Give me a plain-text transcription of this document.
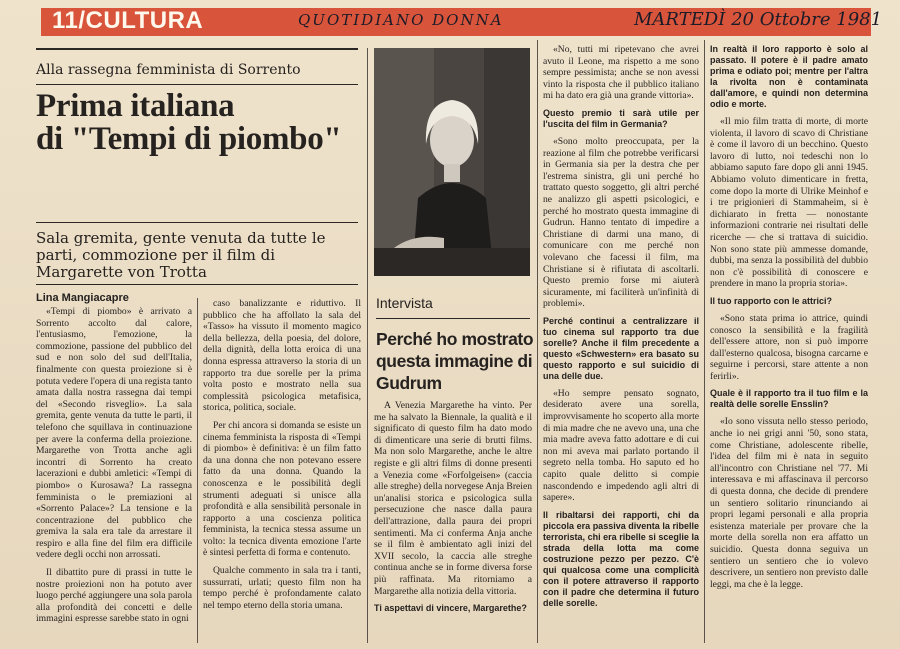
11/CULTURA	QUOTIDIANO DONNA	MARTEDÌ 20 Ottobre 1981
Alla rassegna femminista di Sorrento
Prima italiana
di "Tempi di piombo"
Sala gremita, gente venuta da tutte le parti, commozione per il film di Margarette von Trotta
Lina Mangiacapre

«Tempi di piombo» è arrivato a Sorrento accolto dal calore, l'entusiasmo, l'emozione, la commozione, passione del pubblico del sud e non solo del sud dell'Italia, finalmente con questa proiezione si è potuta vedere l'opera di una regista tanto amata dalla nostra rassegna dai tempi del «Secondo risveglio». La sala gremita, gente venuta da tutte le parti, il telefono che squillava in continuazione per avere la conferma della proiezione. Margarethe von Trotta anche agli incontri di Sorrento ha creato lacerazioni e dubbi amletici: «Tempi di piombo» o Kurosawa? La rassegna femminista o le premiazioni al «Sorrento Palace»? La tensione e la concentrazione del pubblico che gremiva la sala era tale da arrestare il respiro e alla fine del film era difficile vedere degli occhi non arrossati.

Il dibattito pure di prassi in tutte le nostre proiezioni non ha potuto aver luogo perché aggiungere una sola parola alla profondità dei concetti e delle immagini espresse sarebbe stato in ogni

caso banalizzante e riduttivo. Il pubblico che ha affollato la sala del «Tasso» ha vissuto il momento magico della bellezza, della poesia, del dolore, della dignità, della lotta eroica di una donna espressa attraverso la storia di un rapporto tra due sorelle per la prima volta posto e mostrato nella sua complessità psicologica metafisica, storica, politica, sociale.

Per chi ancora si domanda se esiste un cinema femminista la risposta di «Tempi di piombo» è definitiva: è un film fatto da una donna che non potevano essere fatto da una donna. Quando la conoscenza e le possibilità degli strumenti adeguati si unisce alla profondità e alla sensibilità personale in rapporto a una coscienza politica femminista, la tecnica stessa assume un volto: la tecnica diventa emozione l'arte è sintesi perfetta di forma e contenuto.

Qualche commento in sala tra i tanti, sussurrati, urlati; questo film non ha tempo perché è profondamente calato nel tempo eterno della storia umana.

Intervista
Perché ho mostrato questa immagine di Gudrum

A Venezia Margarethe ha vinto. Per me ha salvato la Biennale, la qualità e il significato di questo film ha dato modo di dimenticare una serie di brutti films. Ma non solo Margarethe, anche le altre registe e gli altri films di donne presenti a Venezia come «Forfolgeisen» (caccia alle streghe) della norvegese Anja Breien un'analisi storica e psicologica sulla persecuzione che nasce dalla paura dell'attrazione, dalla paura dei propri sentimenti. Ma ci conferma Anja anche se il film è ambientato agli inizi del XVII secolo, la caccia alle streghe continua anche se in forme diversa forse più raffinata. Ma ritorniamo a Margarethe alla notizia della vittoria.

Ti aspettavi di vincere, Margarethe?

«No, tutti mi ripetevano che avrei avuto il Leone, ma rispetto a me sono sempre pessimista; anche se non avessi vinto la risposta che il pubblico italiano mi ha dato era già una grande vittoria».

Questo premio ti sarà utile per l'uscita del film in Germania?

«Sono molto preoccupata, per la reazione al film che potrebbe verificarsi in Germania sia per la destra che per l'estrema sinistra, gli uni perché ho trattato questo soggetto, gli altri perché ne analizzo gli aspetti psicologici, e perché ho mostrato questa immagine di Gudrun. Hanno tentato di impedire a Christiane di darmi una mano, di comunicare con me perché non volevano che facessi il film, ma Christiane si è rifiutata di ascoltarli. Questo premio forse mi aiuterà sicuramente, mi faciliterà un'infinità di problemi».

Perché continui a centralizzare il tuo cinema sul rapporto tra due sorelle? Anche il film precedente a questo «Schwestern» era basato su questo rapporto e sul suicidio di una delle due.

«Ho sempre pensato sognato, desiderato avere una sorella, improvvisamente ho scoperto alla morte di mia madre che ne avevo una, una che mia madre aveva fatto adottare e di cui non mi aveva mai parlato portando il segreto nella tomba. Ho saputo ed ho capito quale delitto si compie nascondendo e impedendo agli altri di sapere».

Il ribaltarsi dei rapporti, chi da piccola era passiva diventa la ribelle terrorista, chi era ribelle si sceglie la strada della lotta ma come costruzione pezzo per pezzo. C'è qui qualcosa come una complicità con il potere attraverso il rapporto con il padre che determina il futuro delle sorelle.

In realtà il loro rapporto è solo al passato. Il potere è il padre amato prima e odiato poi; mentre per l'altra la rivolta non è contaminata dall'amore, e quindi non determina odio e morte.

«Il mio film tratta di morte, di morte violenta, il lavoro di scavo di Christiane è come il lavoro di un becchino. Questo lavoro di lutto, noi tedeschi non lo abbiamo saputo fare dopo gli anni 1945. Abbiamo voluto dimenticare in fretta, come dopo la morte di Ulrike Meinhof e i tre prigionieri di Stammaheim, si è dichiarato in fretta — nonostante informazioni contrarie nei risultati delle ricerche — che si trattava di suicidio. Non sono state più ammesse domande, dubbi, ma senza la possibilità del dubbio non c'è possibilità di conoscere e prendere in mano la propria storia».

Il tuo rapporto con le attrici?

«Sono stata prima io attrice, quindi conosco la sensibilità e la fragilità dell'essere attore, non si può imporre dall'esterno qualcosa, bisogna carcarne e seguirne i percorsi, stare attente a non ferirli».

Quale è il rapporto tra il tuo film e la realtà delle sorelle Ensslin?

«Io sono vissuta nello stesso periodo, anche io nei grigi anni '50, sono stata, come Christiane, adolescente ribelle, l'idea del film mi è nata in seguito all'incontro con Christiane nel '77. Mi interessava e mi affascinava il percorso di questa donna, che decide di prendere un sentiero solitario rinunciando ai propri legami personali e alla propria esistenza materiale per provare che la morte della sorella non era affatto un suicidio. Questa donna seguiva un sentiero un sentiero che io volevo descrivere, un sentiero non previsto dalle leggi, ma che è la legge.
